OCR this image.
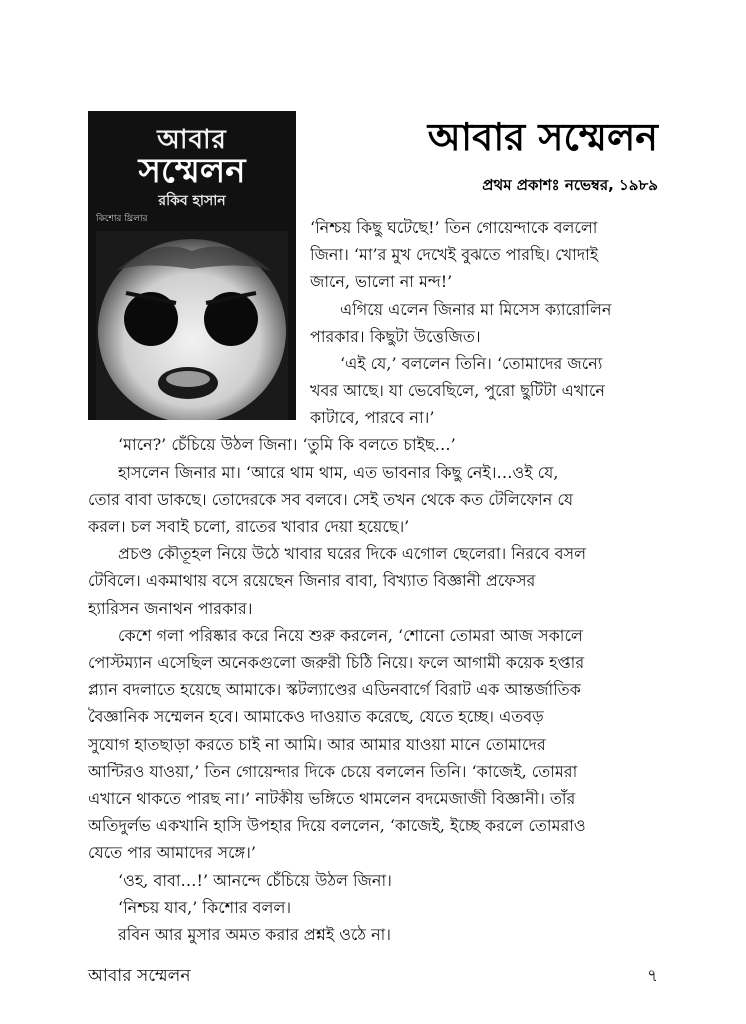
আবার
সম্মেলন
রকিব হাসান
কিশোর থ্রিলার
আবার সম্মেলন
প্রথম প্রকাশঃ নভেম্বর, ১৯৮৯
‘নিশ্চয় কিছু ঘটেছে!’ তিন গোয়েন্দাকে বললো
জিনা। ‘মা’র মুখ দেখেই বুঝতে পারছি। খোদাই
জানে, ভালো না মন্দ!’
এগিয়ে এলেন জিনার মা মিসেস ক্যারোলিন
পারকার। কিছুটা উত্তেজিত।
‘এই যে,’ বললেন তিনি। ‘তোমাদের জন্যে
খবর আছে। যা ভেবেছিলে, পুরো ছুটিটা এখানে
কাটাবে, পারবে না।’
‘মানে?’ চেঁচিয়ে উঠল জিনা। ‘তুমি কি বলতে চাইছ…’
হাসলেন জিনার মা। ‘আরে থাম থাম, এত ভাবনার কিছু নেই।…ওই যে,
তোর বাবা ডাকছে। তোদেরকে সব বলবে। সেই তখন থেকে কত টেলিফোন যে
করল। চল সবাই চলো, রাতের খাবার দেয়া হয়েছে।’
প্রচণ্ড কৌতূহল নিয়ে উঠে খাবার ঘরের দিকে এগোল ছেলেরা। নিরবে বসল
টেবিলে। একমাথায় বসে রয়েছেন জিনার বাবা, বিখ্যাত বিজ্ঞানী প্রফেসর
হ্যারিসন জনাথন পারকার।
কেশে গলা পরিষ্কার করে নিয়ে শুরু করলেন, ‘শোনো তোমরা আজ সকালে
পোস্টম্যান এসেছিল অনেকগুলো জরুরী চিঠি নিয়ে। ফলে আগামী কয়েক হপ্তার
প্ল্যান বদলাতে হয়েছে আমাকে। স্কটল্যাণ্ডের এডিনবার্গে বিরাট এক আন্তর্জাতিক
বৈজ্ঞানিক সম্মেলন হবে। আমাকেও দাওয়াত করেছে, যেতে হচ্ছে। এতবড়
সুযোগ হাতছাড়া করতে চাই না আমি। আর আমার যাওয়া মানে তোমাদের
আন্টিরও যাওয়া,’ তিন গোয়েন্দার দিকে চেয়ে বললেন তিনি। ‘কাজেই, তোমরা
এখানে থাকতে পারছ না।’ নাটকীয় ভঙ্গিতে থামলেন বদমেজাজী বিজ্ঞানী। তাঁর
অতিদুর্লভ একখানি হাসি উপহার দিয়ে বললেন, ‘কাজেই, ইচ্ছে করলে তোমরাও
যেতে পার আমাদের সঙ্গে।’
‘ওহ, বাবা…!’ আনন্দে চেঁচিয়ে উঠল জিনা।
‘নিশ্চয় যাব,’ কিশোর বলল।
রবিন আর মুসার অমত করার প্রশ্নই ওঠে না।
আবার সম্মেলন	৭
